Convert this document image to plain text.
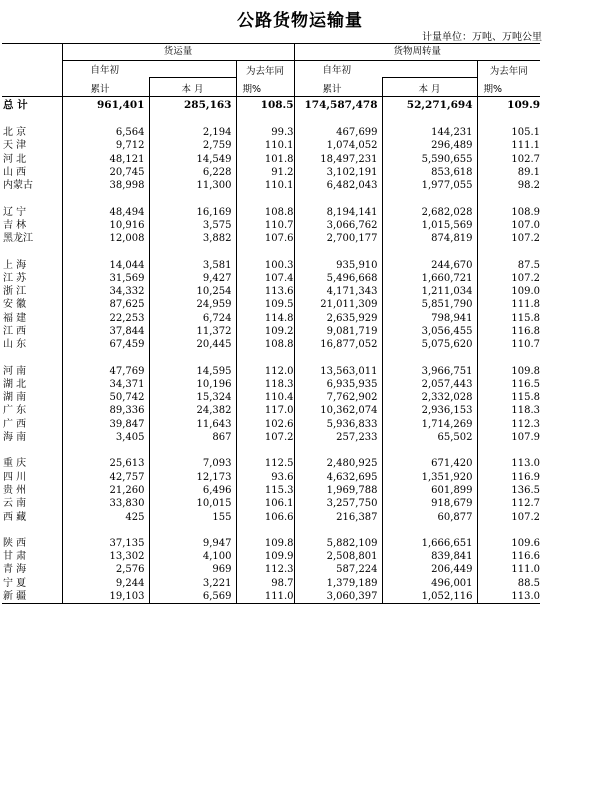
公路货物运输量
计量单位：万吨、万吨公里
	货运量			货物周转量		
	自年初		为去年同	自年初		为去年同
	累计	本 月	期%	累计	本 月	期%
总 计	961,401	285,163	108.5	174,587,478	52,271,694	109.9

北 京	6,564	2,194	99.3	467,699	144,231	105.1
天 津	9,712	2,759	110.1	1,074,052	296,489	111.1
河 北	48,121	14,549	101.8	18,497,231	5,590,655	102.7
山 西	20,745	6,228	91.2	3,102,191	853,618	89.1
内蒙古	38,998	11,300	110.1	6,482,043	1,977,055	98.2

辽 宁	48,494	16,169	108.8	8,194,141	2,682,028	108.9
吉 林	10,916	3,575	110.7	3,066,762	1,015,569	107.0
黑龙江	12,008	3,882	107.6	2,700,177	874,819	107.2

上 海	14,044	3,581	100.3	935,910	244,670	87.5
江 苏	31,569	9,427	107.4	5,496,668	1,660,721	107.2
浙 江	34,332	10,254	113.6	4,171,343	1,211,034	109.0
安 徽	87,625	24,959	109.5	21,011,309	5,851,790	111.8
福 建	22,253	6,724	114.8	2,635,929	798,941	115.8
江 西	37,844	11,372	109.2	9,081,719	3,056,455	116.8
山 东	67,459	20,445	108.8	16,877,052	5,075,620	110.7

河 南	47,769	14,595	112.0	13,563,011	3,966,751	109.8
湖 北	34,371	10,196	118.3	6,935,935	2,057,443	116.5
湖 南	50,742	15,324	110.4	7,762,902	2,332,028	115.8
广 东	89,336	24,382	117.0	10,362,074	2,936,153	118.3
广 西	39,847	11,643	102.6	5,936,833	1,714,269	112.3
海 南	3,405	867	107.2	257,233	65,502	107.9

重 庆	25,613	7,093	112.5	2,480,925	671,420	113.0
四 川	42,757	12,173	93.6	4,632,695	1,351,920	116.9
贵 州	21,260	6,496	115.3	1,969,788	601,899	136.5
云 南	33,830	10,015	106.1	3,257,750	918,679	112.7
西 藏	425	155	106.6	216,387	60,877	107.2

陕 西	37,135	9,947	109.8	5,882,109	1,666,651	109.6
甘 肃	13,302	4,100	109.9	2,508,801	839,841	116.6
青 海	2,576	969	112.3	587,224	206,449	111.0
宁 夏	9,244	3,221	98.7	1,379,189	496,001	88.5
新 疆	19,103	6,569	111.0	3,060,397	1,052,116	113.0
